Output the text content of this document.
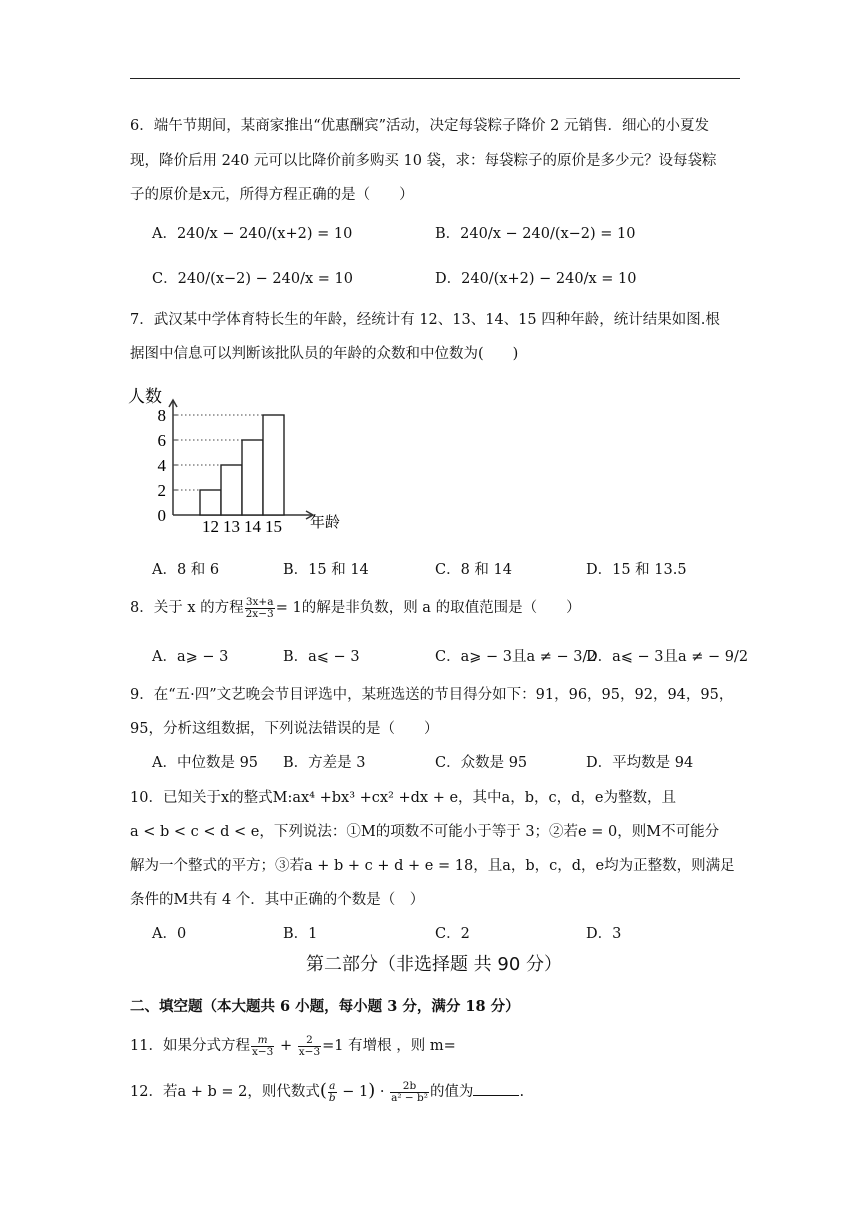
6．端午节期间，某商家推出“优惠酬宾”活动，决定每袋粽子降价 2 元销售．细心的小夏发
现，降价后用 240 元可以比降价前多购买 10 袋，求：每袋粽子的原价是多少元？设每袋粽
子的原价是x元，所得方程正确的是（　　）
A．240/x − 240/(x+2) = 10	B．240/x − 240/(x−2) = 10
C．240/(x−2) − 240/x = 10	D．240/(x+2) − 240/x = 10
7．武汉某中学体育特长生的年龄，经统计有 12、13、14、15 四种年龄，统计结果如图.根
据图中信息可以判断该批队员的年龄的众数和中位数为(　　)
人数
年龄
0
2
4
6
8
12 13 14 15
A．8 和 6	B．15 和 14	C．8 和 14	D．15 和 13.5
8．关于 x 的方程 $\frac{3x+a}{2x-3} = 1$的解是非负数，则 a 的取值范围是（　　）
A．a⩾ − 3	B．a⩽ − 3	C．a⩾ − 3且a ≠ − 3/2
D．a⩽ − 3且a ≠ − 9/2
9．在“五·四”文艺晚会节目评选中，某班选送的节目得分如下：91，96，95，92，94，95，
95，分析这组数据，下列说法错误的是（　　）
A．中位数是 95 B．方差是 3	C．众数是 95	D．平均数是 94
10．已知关于x的整式M:ax⁴ +bx³ +cx² +dx + e，其中a，b，c，d，e为整数，且
a < b < c < d < e，下列说法：①M的项数不可能小于等于 3；②若e = 0，则M不可能分
解为一个整式的平方；③若a + b + c + d + e = 18，且a，b，c，d，e均为正整数，则满足
条件的M共有 4 个．其中正确的个数是（　）
A．0	B．1	C．2	D．3
第二部分（非选择题 共 90 分）
二、填空题（本大题共 6 小题，每小题 3 分，满分 18 分）
11．如果分式方程 $\frac{m}{x-3} + \frac{2}{x-3} =1$ 有增根 ，则 m=
12．若a + b = 2，则代数式( $\frac{a}{b} - 1) \cdot \frac{2b}{\text{a² − b²}}$ 的值为	.
